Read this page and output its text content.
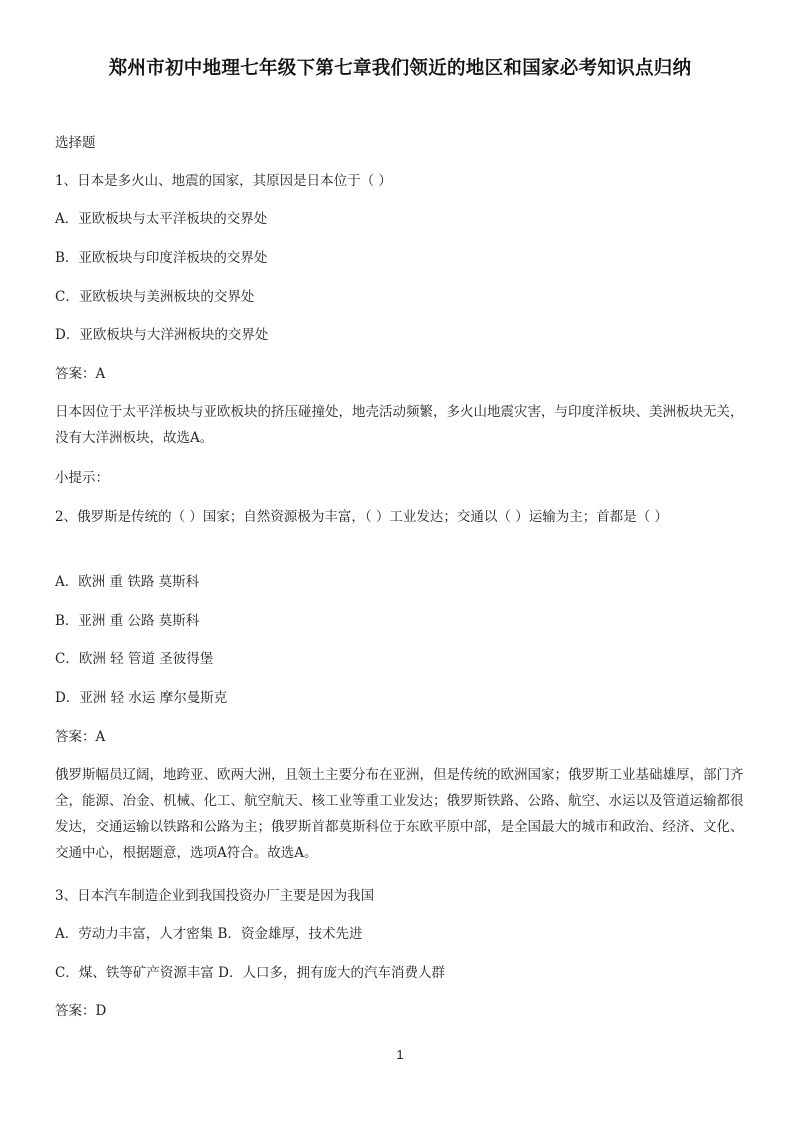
郑州市初中地理七年级下第七章我们领近的地区和国家必考知识点归纳
选择题
1、日本是多火山、地震的国家，其原因是日本位于（ ）
A．亚欧板块与太平洋板块的交界处
B．亚欧板块与印度洋板块的交界处
C．亚欧板块与美洲板块的交界处
D．亚欧板块与大洋洲板块的交界处
答案：A
日本因位于太平洋板块与亚欧板块的挤压碰撞处，地壳活动频繁，多火山地震灾害，与印度洋板块、美洲板块无关，没有大洋洲板块，故选A。
小提示：
2、俄罗斯是传统的（ ）国家；自然资源极为丰富，（ ）工业发达；交通以（ ）运输为主；首都是（ ）
A．欧洲 重 铁路 莫斯科
B．亚洲 重 公路 莫斯科
C．欧洲 轻 管道 圣彼得堡
D．亚洲 轻 水运 摩尔曼斯克
答案：A
俄罗斯幅员辽阔，地跨亚、欧两大洲，且领土主要分布在亚洲，但是传统的欧洲国家；俄罗斯工业基础雄厚，部门齐全，能源、冶金、机械、化工、航空航天、核工业等重工业发达；俄罗斯铁路、公路、航空、水运以及管道运输都很发达，交通运输以铁路和公路为主；俄罗斯首都莫斯科位于东欧平原中部，是全国最大的城市和政治、经济、文化、交通中心，根据题意，选项A符合。故选A。
3、日本汽车制造企业到我国投资办厂主要是因为我国
A．劳动力丰富，人才密集 B．资金雄厚，技术先进
C．煤、铁等矿产资源丰富 D．人口多，拥有庞大的汽车消费人群
答案：D
1
